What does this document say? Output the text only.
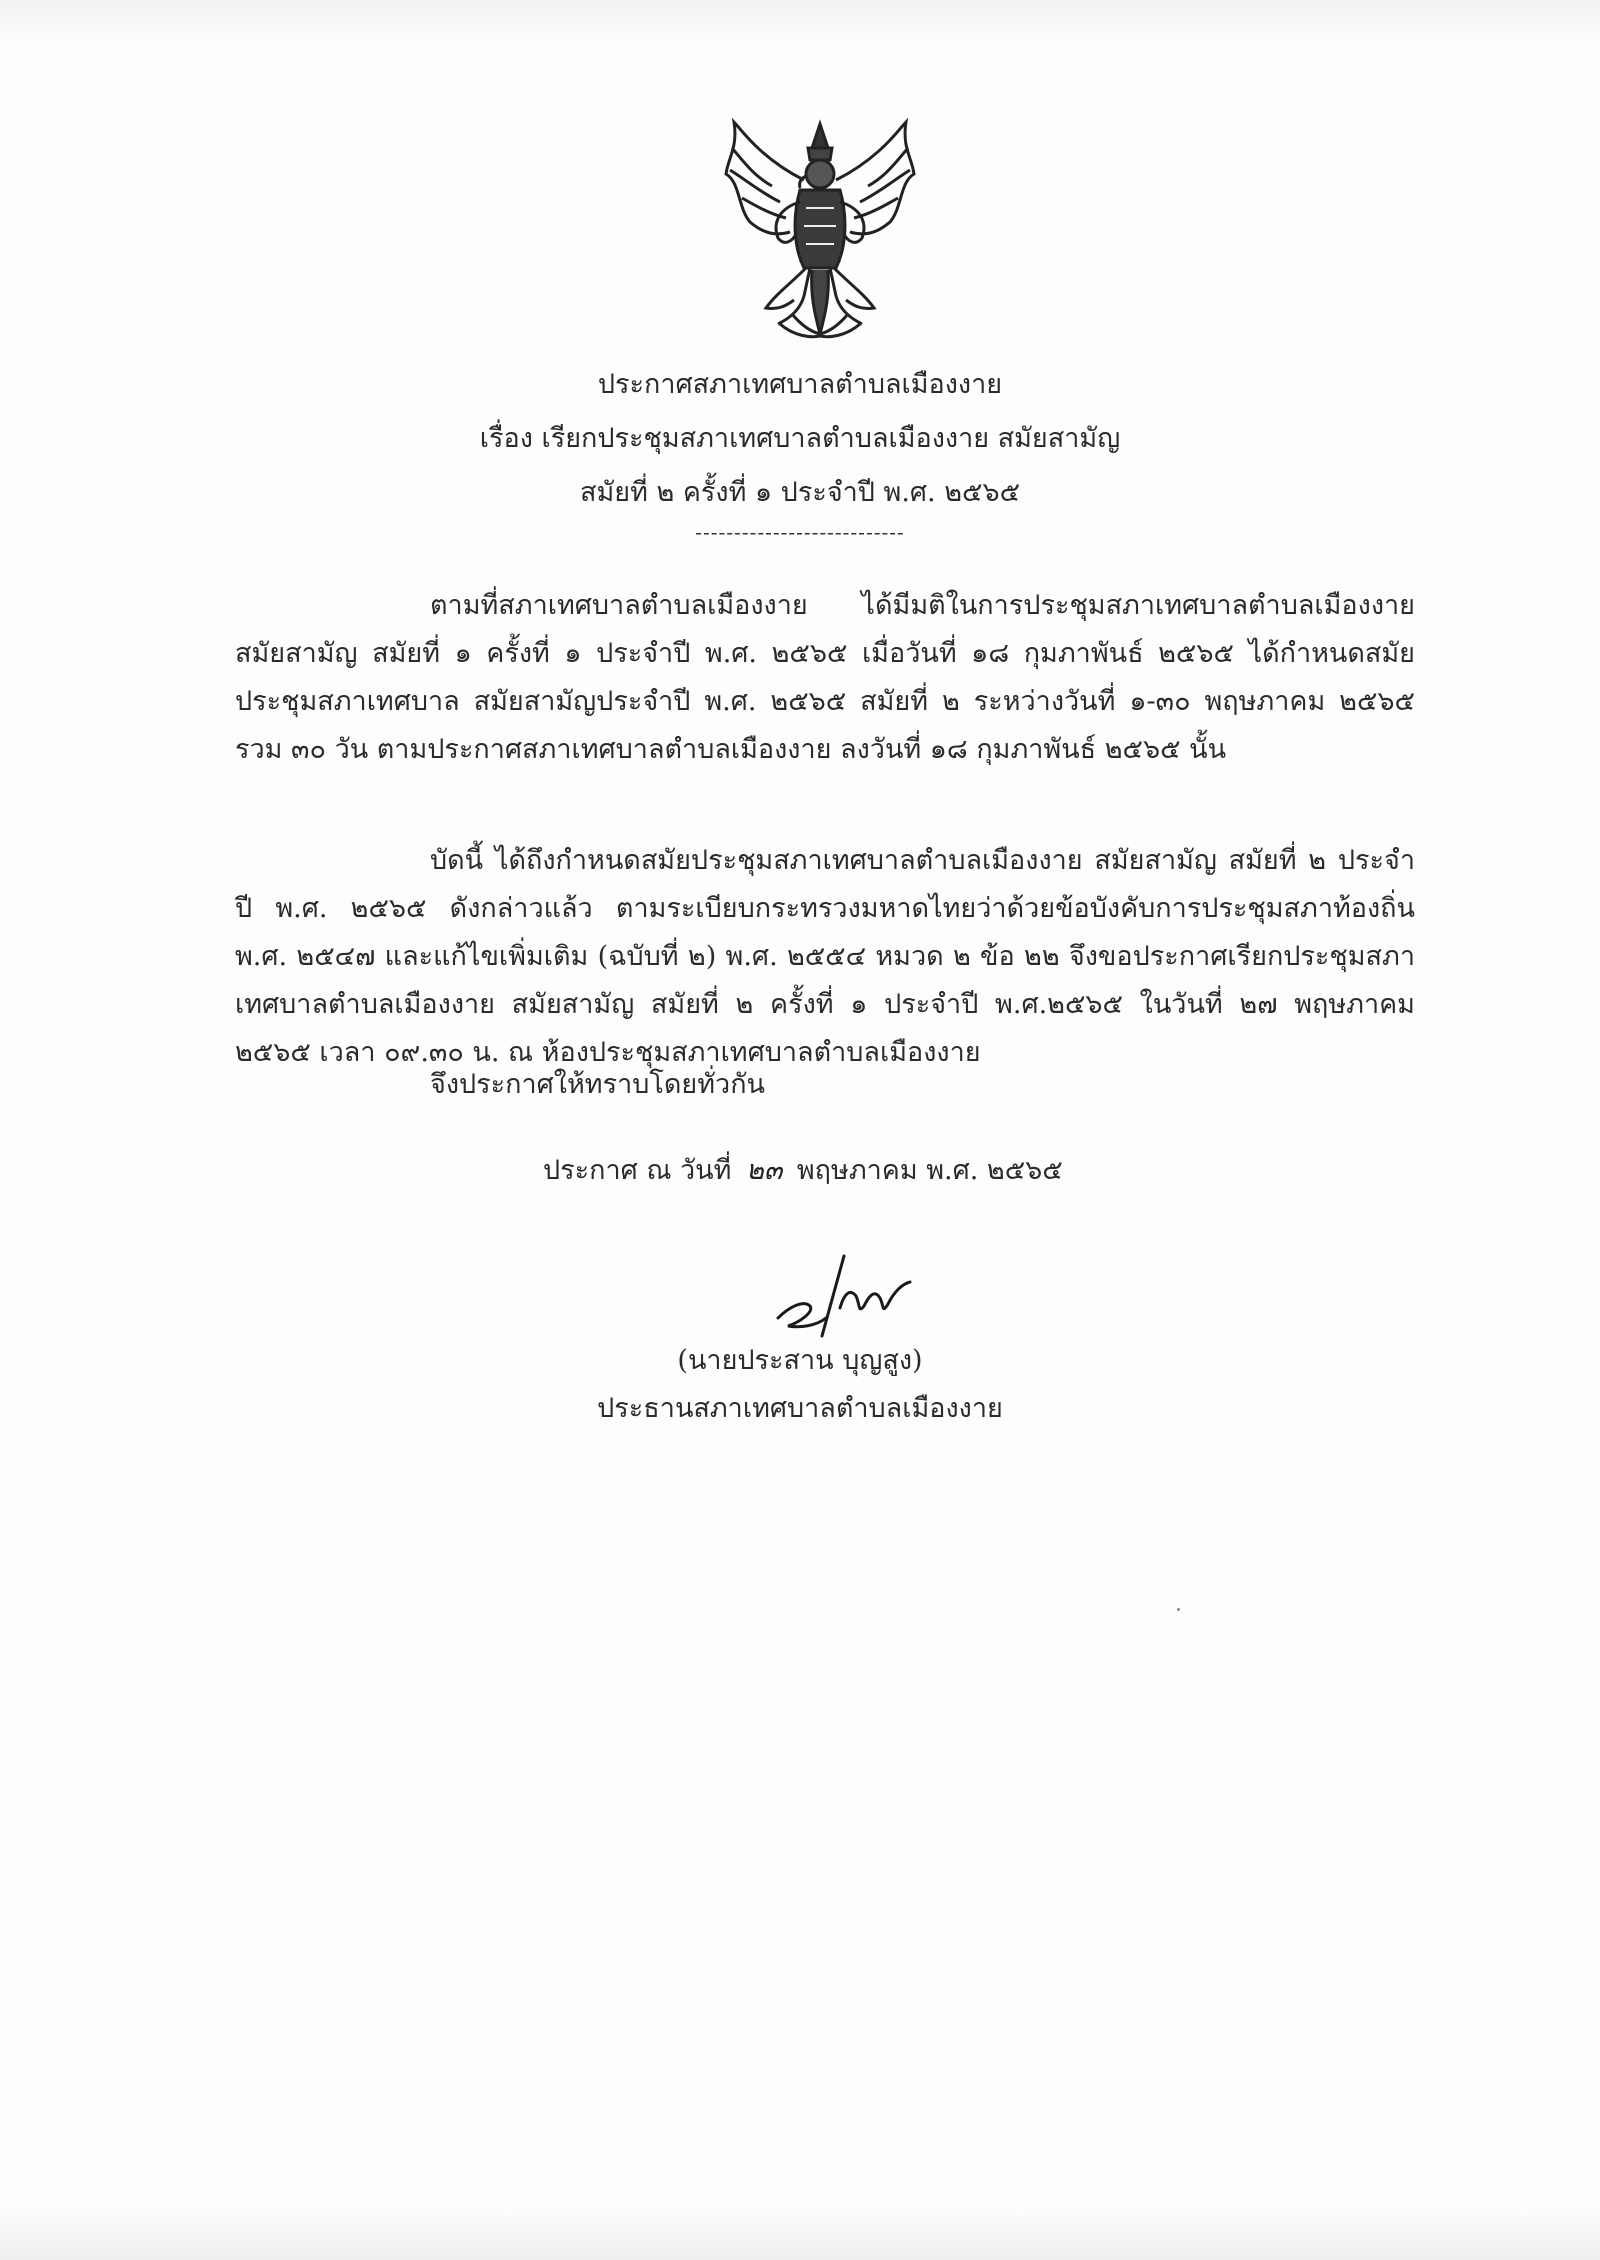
ประกาศสภาเทศบาลตำบลเมืองงาย
เรื่อง เรียกประชุมสภาเทศบาลตำบลเมืองงาย สมัยสามัญ
สมัยที่ ๒ ครั้งที่ ๑ ประจำปี พ.ศ. ๒๕๖๕
---------------------------
ตามที่สภาเทศบาลตำบลเมืองงาย ได้มีมติในการประชุมสภาเทศบาลตำบลเมืองงาย สมัยสามัญ สมัยที่ ๑ ครั้งที่ ๑ ประจำปี พ.ศ. ๒๕๖๕ เมื่อวันที่ ๑๘ กุมภาพันธ์ ๒๕๖๕ ได้กำหนดสมัยประชุมสภาเทศบาล สมัยสามัญประจำปี พ.ศ. ๒๕๖๕ สมัยที่ ๒ ระหว่างวันที่ ๑-๓๐ พฤษภาคม ๒๕๖๕ รวม ๓๐ วัน ตามประกาศสภาเทศบาลตำบลเมืองงาย ลงวันที่ ๑๘ กุมภาพันธ์ ๒๕๖๕ นั้น
บัดนี้ ได้ถึงกำหนดสมัยประชุมสภาเทศบาลตำบลเมืองงาย สมัยสามัญ สมัยที่ ๒ ประจำปี พ.ศ. ๒๕๖๕ ดังกล่าวแล้ว ตามระเบียบกระทรวงมหาดไทยว่าด้วยข้อบังคับการประชุมสภาท้องถิ่น พ.ศ. ๒๕๔๗ และแก้ไขเพิ่มเติม (ฉบับที่ ๒) พ.ศ. ๒๕๕๔ หมวด ๒ ข้อ ๒๒ จึงขอประกาศเรียกประชุมสภาเทศบาลตำบลเมืองงาย สมัยสามัญ สมัยที่ ๒ ครั้งที่ ๑ ประจำปี พ.ศ.๒๕๖๕ ในวันที่ ๒๗ พฤษภาคม ๒๕๖๕ เวลา ๐๙.๓๐ น. ณ ห้องประชุมสภาเทศบาลตำบลเมืองงาย
จึงประกาศให้ทราบโดยทั่วกัน
ประกาศ ณ วันที่ ๒๓ พฤษภาคม พ.ศ. ๒๕๖๕
(นายประสาน บุญสูง)
ประธานสภาเทศบาลตำบลเมืองงาย
